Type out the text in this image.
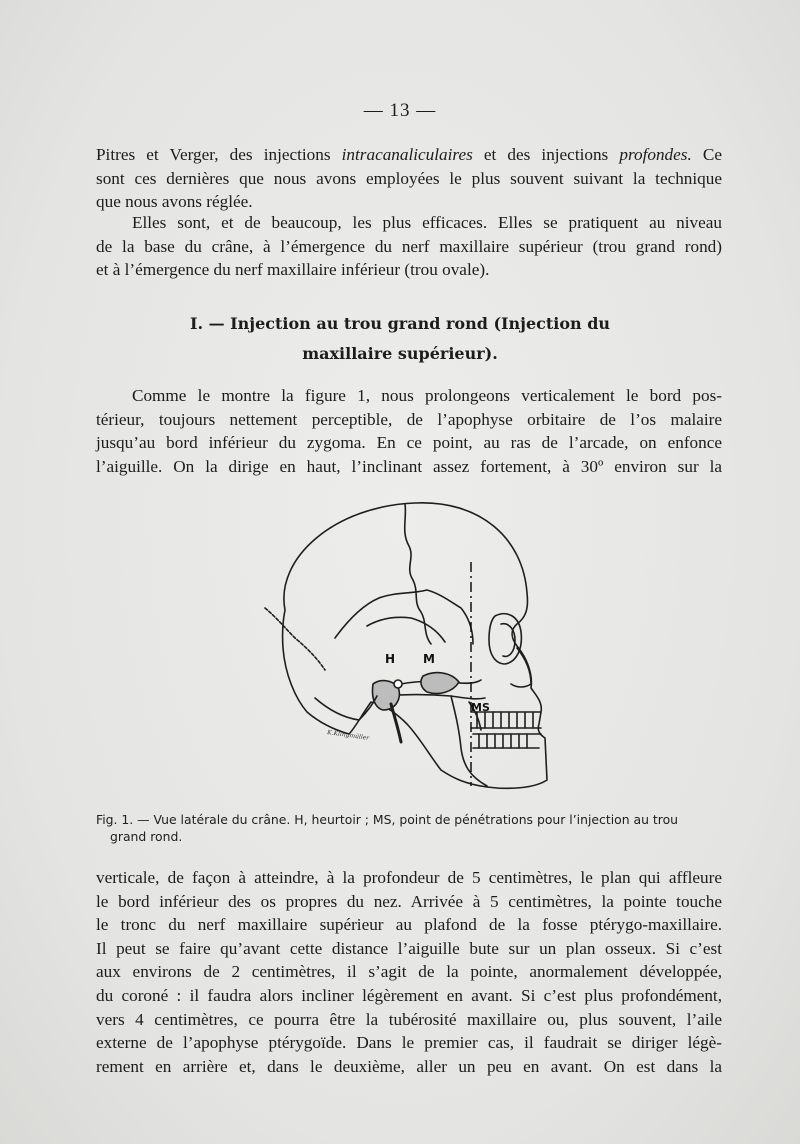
— 13 —
Pitres et Verger, des injections intracanaliculaires et des injections profondes. Ce
sont ces dernières que nous avons employées le plus souvent suivant la technique
que nous avons réglée.
Elles sont, et de beaucoup, les plus efficaces. Elles se pratiquent au niveau
de la base du crâne, à l’émergence du nerf maxillaire supérieur (trou grand rond)
et à l’émergence du nerf maxillaire inférieur (trou ovale).
I. — Injection au trou grand rond (Injection du
maxillaire supérieur).
Comme le montre la figure 1, nous prolongeons verticalement le bord pos-
térieur, toujours nettement perceptible, de l’apophyse orbitaire de l’os malaire
jusqu’au bord inférieur du zygoma. En ce point, au ras de l’arcade, on enfonce
l’aiguille. On la dirige en haut, l’inclinant assez fortement, à 30º environ sur la
H M
MS
K.Klingmüller
Fig. 1. — Vue latérale du crâne. H, heurtoir ; MS, point de pénétrations pour l’injection au trou
grand rond.
verticale, de façon à atteindre, à la profondeur de 5 centimètres, le plan qui affleure
le bord inférieur des os propres du nez. Arrivée à 5 centimètres, la pointe touche
le tronc du nerf maxillaire supérieur au plafond de la fosse ptérygo-maxillaire.
Il peut se faire qu’avant cette distance l’aiguille bute sur un plan osseux. Si c’est
aux environs de 2 centimètres, il s’agit de la pointe, anormalement développée,
du coroné : il faudra alors incliner légèrement en avant. Si c’est plus profondément,
vers 4 centimètres, ce pourra être la tubérosité maxillaire ou, plus souvent, l’aile
externe de l’apophyse ptérygoïde. Dans le premier cas, il faudrait se diriger légè-
rement en arrière et, dans le deuxième, aller un peu en avant. On est dans la
